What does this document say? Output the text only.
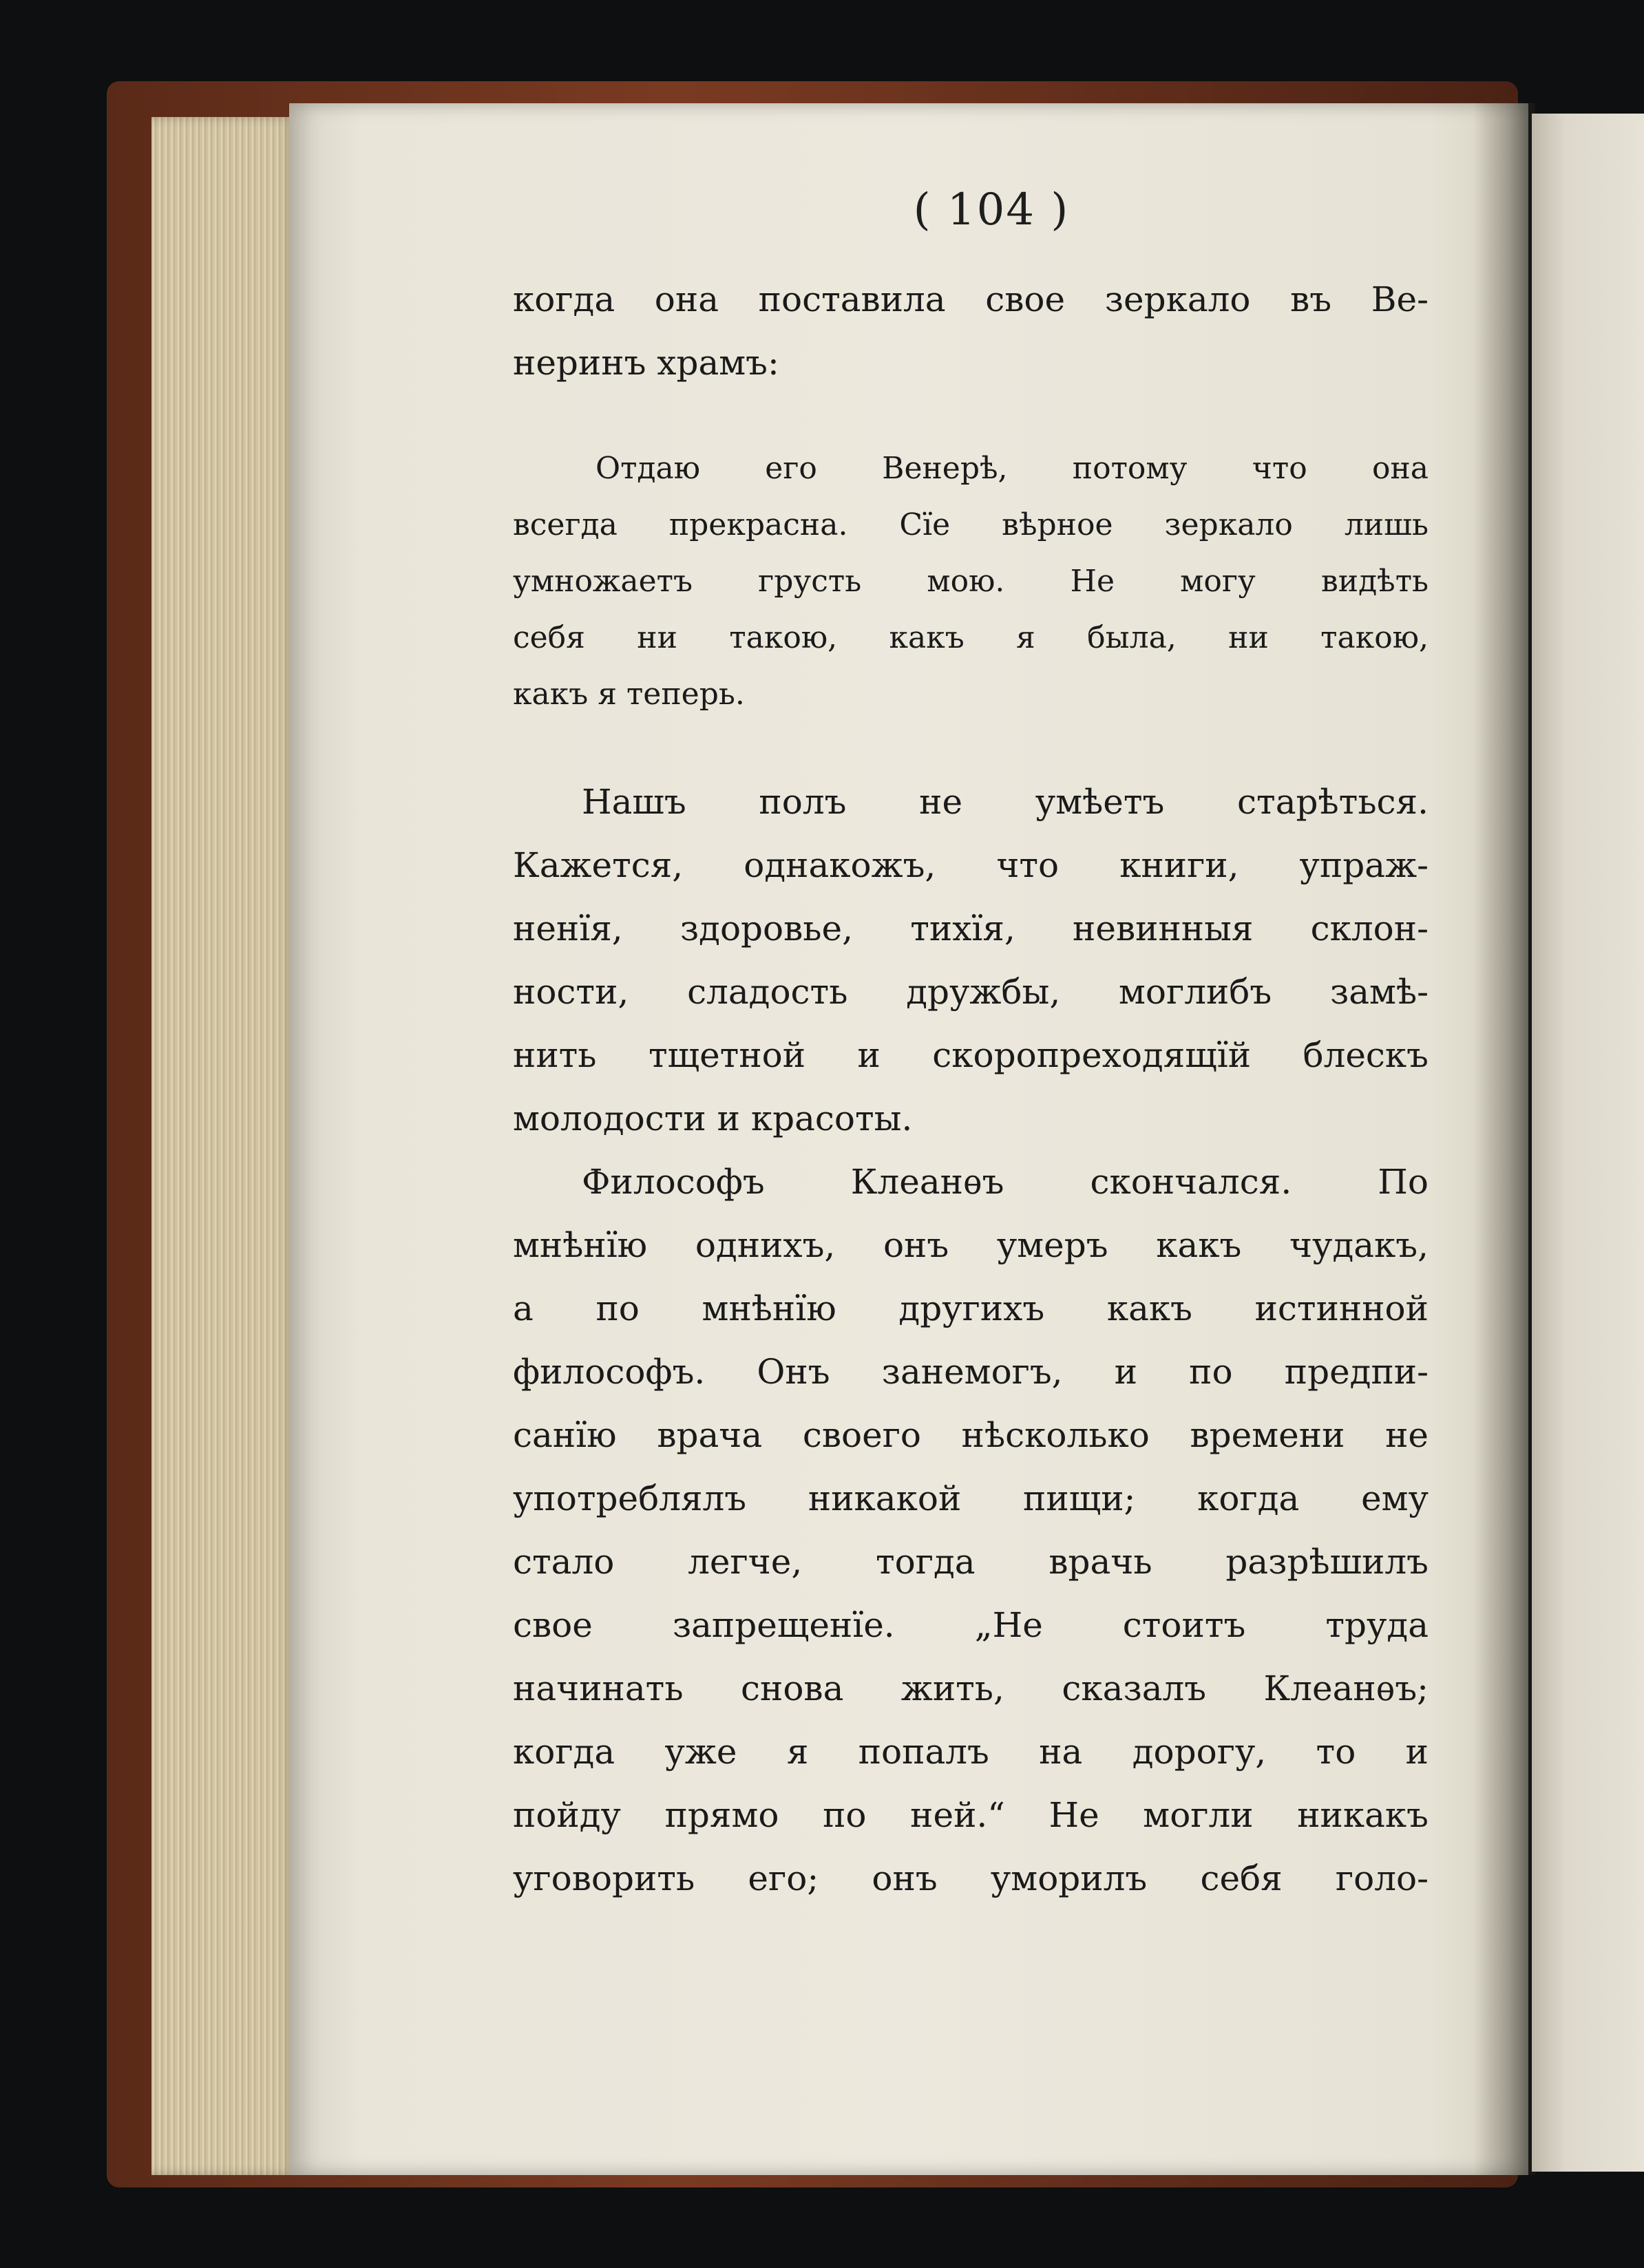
( 104 )
когда она поставила свое зеркало въ Ве-
неринъ храмъ:
Отдаю его Венерѣ, потому что она
всегда прекрасна. Сїе вѣрное зеркало лишь
умножаетъ грусть мою. Не могу видѣть
себя ни такою, какъ я была, ни такою,
какъ я теперь.
Нашъ полъ не умѣетъ старѣться.
Кажется, однакожъ, что книги, упраж-
ненїя, здоровье, тихїя, невинныя склон-
ности, сладость дружбы, моглибъ замѣ-
нить тщетной и скоропреходящїй блескъ
молодости и красоты.
Философъ Клеанѳъ скончался. По
мнѣнїю однихъ, онъ умеръ какъ чудакъ,
а по мнѣнїю другихъ какъ истинной
философъ. Онъ занемогъ, и по предпи-
санїю врача своего нѣсколько времени не
употреблялъ никакой пищи; когда ему
стало легче, тогда врачь разрѣшилъ
свое запрещенїе. „Не стоитъ труда
начинать снова жить, сказалъ Клеанѳъ;
когда уже я попалъ на дорогу, то и
пойду прямо по ней.“ Не могли никакъ
уговорить его; онъ уморилъ себя голо-
